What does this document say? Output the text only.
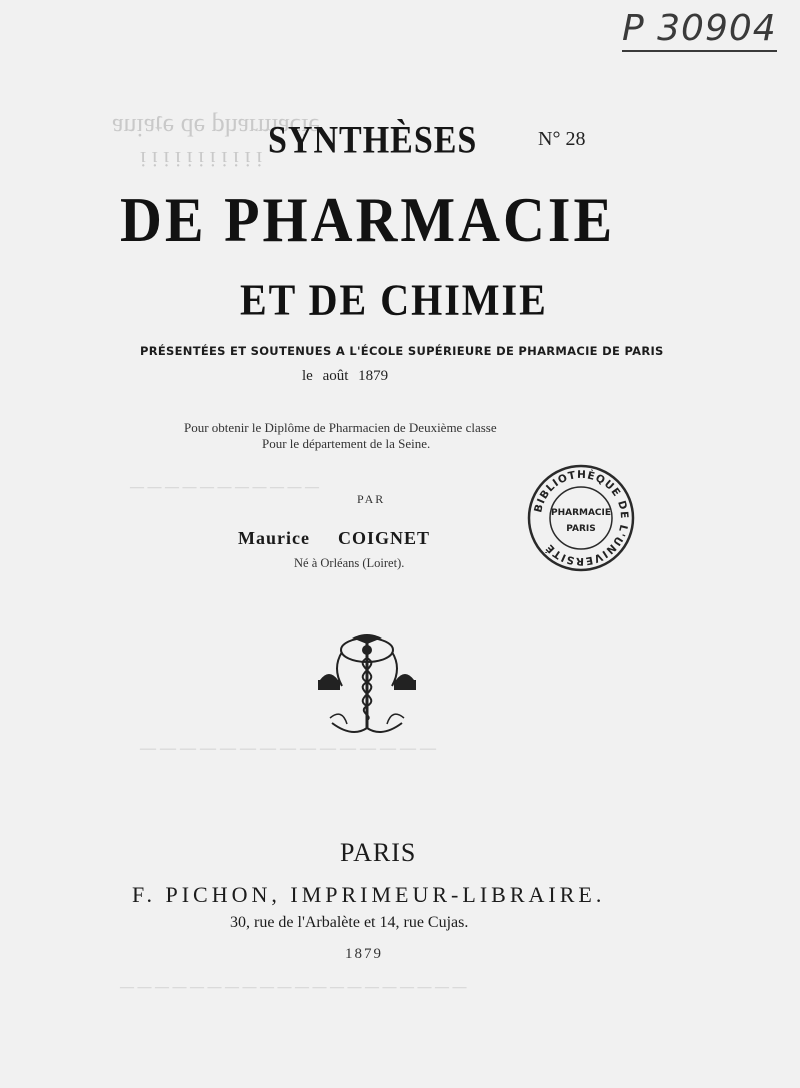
ǝᴉɔɐɯɹɐɥd ǝp ǝʇɐᴉuɐ
ᴉ ᴉ ᴉ ᴉ ᴉ ᴉ ᴉ ᴉ ᴉ ᴉ ᴉ
— — — — — — — — — — —
— — — — — — — — — — — — — — —
— — — — — — — — — — — — — — — — — — — —
P 30904
SYNTHÈSES	N° 28
DE PHARMACIE
ET DE CHIMIE
PRÉSENTÉES ET SOUTENUES A L'ÉCOLE SUPÉRIEURE DE PHARMACIE DE PARIS
le août 1879
Pour obtenir le Diplôme de Pharmacien de Deuxième classe
Pour le département de la Seine.
PAR
Maurice COIGNET
Né à Orléans (Loiret).
BIBLIOTHÈQUE DE L'UNIVERSITÉ
PHARMACIE
PARIS
PARIS
F. PICHON, IMPRIMEUR-LIBRAIRE.
30, rue de l'Arbalète et 14, rue Cujas.
1879
